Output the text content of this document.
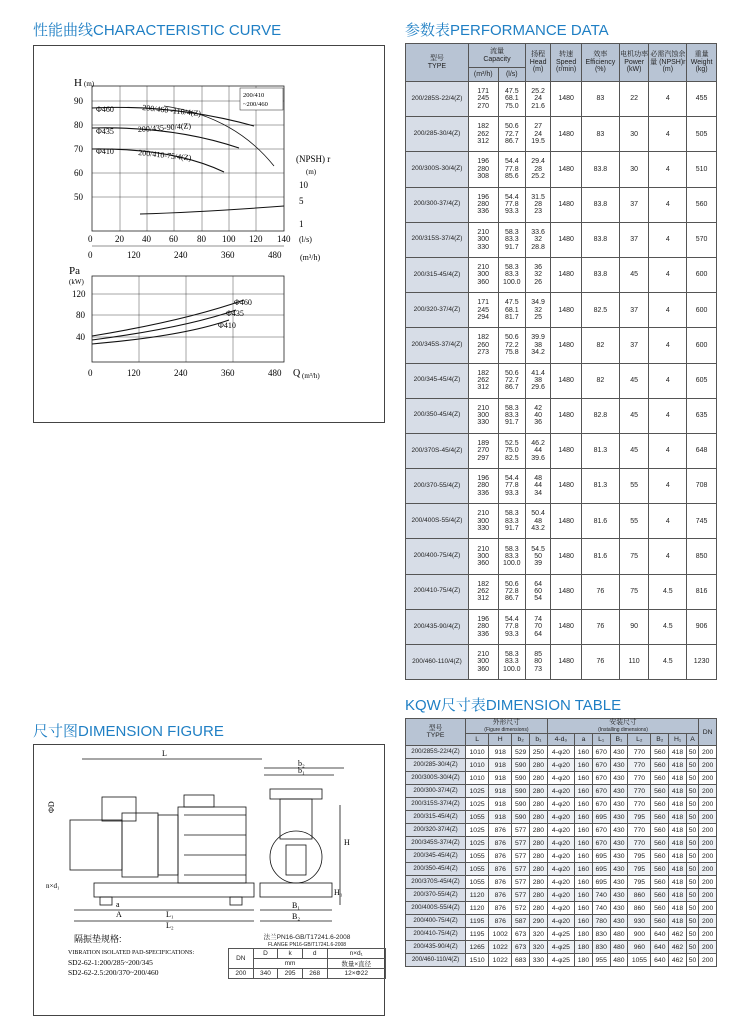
性能曲线CHARACTERISTIC CURVE	参数表PERFORMANCE DATA
尺寸图DIMENSION FIGURE
KQW尺寸表DIMENSION TABLE
H (m)
90
80
70
60
50
Φ460
Φ435
Φ410
200/460 -110/4(Z)
200/435-90/4(Z)
200/410-75/4(Z)
200/410
~200/460
(NPSH) r
(m)
10
5
1
0	20 40 60 80 100 120 140 (l/s)
0	120	240	360	480 (m³/h)
Pa
(kW)
120
80
40
Φ460
Φ435
Φ410
0	120	240	360	480 Q (m³/h)
型号
TYPE	流量
Capacity		扬程 Head (m)	转速 Speed (r/min)	效率 Efficiency (%)	电机功率 Power (kW)	必需汽蚀余量 (NPSH)r (m)	重量 Weight (kg)
	(m³/h)	(l/s)						
200/285S-22/4(Z)	171
245
270	47.5
68.1
75.0	25.2
24
21.6	1480	83	22	4	455
200/285-30/4(Z)	182
262
312	50.6
72.7
86.7	27
24
19.5	1480	83	30	4	505
200/300S-30/4(Z)	196
280
308	54.4
77.8
85.6	29.4
28
25.2	1480	83.8	30	4	510
200/300-37/4(Z)	196
280
336	54.4
77.8
93.3	31.5
28
23	1480	83.8	37	4	560
200/315S-37/4(Z)	210
300
330	58.3
83.3
91.7	33.6
32
28.8	1480	83.8	37	4	570
200/315-45/4(Z)	210
300
360	58.3
83.3
100.0	36
32
26	1480	83.8	45	4	600
200/320-37/4(Z)	171
245
294	47.5
68.1
81.7	34.9
32
25	1480	82.5	37	4	600
200/345S-37/4(Z)	182
260
273	50.6
72.2
75.8	39.9
38
34.2	1480	82	37	4	600
200/345-45/4(Z)	182
262
312	50.6
72.7
86.7	41.4
38
29.6	1480	82	45	4	605
200/350-45/4(Z)	210
300
330	58.3
83.3
91.7	42
40
36	1480	82.8	45	4	635
200/370S-45/4(Z)	189
270
297	52.5
75.0
82.5	46.2
44
39.6	1480	81.3	45	4	648
200/370-55/4(Z)	196
280
336	54.4
77.8
93.3	48
44
34	1480	81.3	55	4	708
200/400S-55/4(Z)	210
300
330	58.3
83.3
91.7	50.4
48
43.2	1480	81.6	55	4	745
200/400-75/4(Z)	210
300
360	58.3
83.3
100.0	54.5
50
39	1480	81.6	75	4	850
200/410-75/4(Z)	182
262
312	50.6
72.8
86.7	64
60
54	1480	76	75	4.5	816
200/435-90/4(Z)	196
280
336	54.4
77.8
93.3	74
70
64	1480	76	90	4.5	906
200/460-110/4(Z)	210
300
360	58.3
83.3
100.0	85
80
73	1480	76	110	4.5	1230
L
ΦD
n×d₁
a
A	L₁
L₂
b₂
b₁
B₁
B₂
H
H₁
隔振垫规格:
VIBRATION ISOLATED PAD-SPECIFICATIONS:
SD2-62-1:200/285~200/345
SD2-62-2.5:200/370~200/460
法兰PN16-GB/T17241.6-2008
FLANGE PN16-GB/T17241.6-2008				
DN	D	k	d	n×d₁
	mm			数量×直径
200	340	295	268	12×Φ22
型号
TYPE	外形尺寸
(Figure dimensions)				安装尺寸
(Installing dimensions)								DN
	L	H	b₂	b₁	4-d₀	a	L₁	B₁	L₂	B₂	H₁	A	
200/285S-22/4(Z)	1010	918	529	250	4-φ20	160	670	430	770	560	418	50	200
200/285-30/4(Z)	1010	918	590	280	4-φ20	160	670	430	770	560	418	50	200
200/300S-30/4(Z)	1010	918	590	280	4-φ20	160	670	430	770	560	418	50	200
200/300-37/4(Z)	1025	918	590	280	4-φ20	160	670	430	770	560	418	50	200
200/315S-37/4(Z)	1025	918	590	280	4-φ20	160	670	430	770	560	418	50	200
200/315-45/4(Z)	1055	918	590	280	4-φ20	160	695	430	795	560	418	50	200
200/320-37/4(Z)	1025	876	577	280	4-φ20	160	670	430	770	560	418	50	200
200/345S-37/4(Z)	1025	876	577	280	4-φ20	160	670	430	770	560	418	50	200
200/345-45/4(Z)	1055	876	577	280	4-φ20	160	695	430	795	560	418	50	200
200/350-45/4(Z)	1055	876	577	280	4-φ20	160	695	430	795	560	418	50	200
200/370S-45/4(Z)	1055	876	577	280	4-φ20	160	695	430	795	560	418	50	200
200/370-55/4(Z)	1120	876	577	280	4-φ20	160	740	430	860	560	418	50	200
200/400S-55/4(Z)	1120	876	572	280	4-φ20	160	740	430	860	560	418	50	200
200/400-75/4(Z)	1195	876	587	290	4-φ20	160	780	430	930	560	418	50	200
200/410-75/4(Z)	1195	1002	673	320	4-φ25	180	830	480	900	640	462	50	200
200/435-90/4(Z)	1265	1022	673	320	4-φ25	180	830	480	960	640	462	50	200
200/460-110/4(Z)	1510	1022	683	330	4-φ25	180	955	480	1055	640	462	50	200
